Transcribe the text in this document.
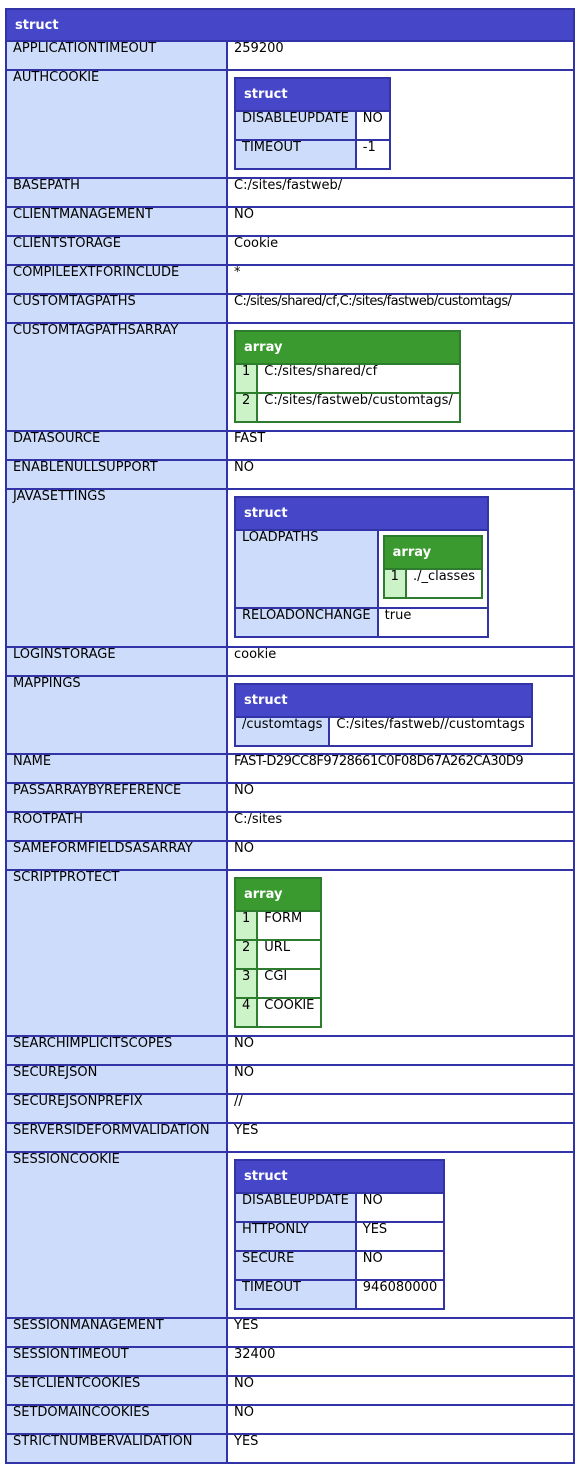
struct
APPLICATIONTIMEOUT	259200
AUTHCOOKIE	
struct
DISABLEUPDATE	NO
TIMEOUT	-1

BASEPATH	C:/sites/fastweb/
CLIENTMANAGEMENT	NO
CLIENTSTORAGE	Cookie
COMPILEEXTFORINCLUDE	*
CUSTOMTAGPATHS	C:/sites/shared/cf,C:/sites/fastweb/customtags/
CUSTOMTAGPATHSARRAY	
array
1	C:/sites/shared/cf
2	C:/sites/fastweb/customtags/

DATASOURCE	FAST
ENABLENULLSUPPORT	NO
JAVASETTINGS	
struct
LOADPATHS	
array
1	./_classes

RELOADONCHANGE	true

LOGINSTORAGE	cookie
MAPPINGS	
struct
/customtags	C:/sites/fastweb//customtags

NAME	FAST-D29CC8F9728661C0F08D67A262CA30D9
PASSARRAYBYREFERENCE	NO
ROOTPATH	C:/sites
SAMEFORMFIELDSASARRAY	NO
SCRIPTPROTECT	
array
1	FORM
2	URL
3	CGI
4	COOKIE

SEARCHIMPLICITSCOPES	NO
SECUREJSON	NO
SECUREJSONPREFIX	//
SERVERSIDEFORMVALIDATION	YES
SESSIONCOOKIE	
struct
DISABLEUPDATE	NO
HTTPONLY	YES
SECURE	NO
TIMEOUT	946080000

SESSIONMANAGEMENT	YES
SESSIONTIMEOUT	32400
SETCLIENTCOOKIES	NO
SETDOMAINCOOKIES	NO
STRICTNUMBERVALIDATION	YES
